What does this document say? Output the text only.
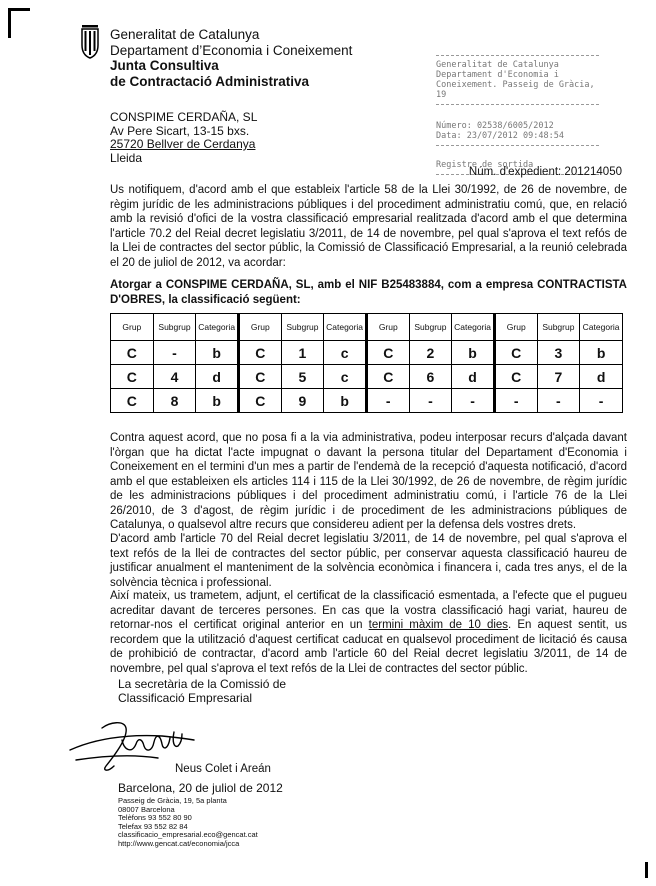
Generalitat de Catalunya
Departament d’Economia i Coneixement
Junta Consultiva
de Contractació Administrativa
Generalitat de Catalunya
Departament d'Economia i
Coneixement. Passeig de Gràcia, 19
Número: 02538/6005/2012
Data: 23/07/2012 09:48:54
Registre de sortida
CONSPIME CERDAÑA, SL
Av Pere Sicart, 13-15 bxs.
25720 Bellver de Cerdanya
Lleida
Núm. d'expedient: 201214050

Us notifiquem, d'acord amb el que estableix l'article 58 de la Llei 30/1992, de 26 de novembre, de règim jurídic de les administracions públiques i del procediment administratiu comú, que, en relació amb la revisió d'ofici de la vostra classificació empresarial realitzada d'acord amb el que determina l'article 70.2 del Reial decret legislatiu 3/2011, de 14 de novembre, pel qual s'aprova el text refós de la Llei de contractes del sector públic, la Comissió de Classificació Empresarial, a la reunió celebrada el 20 de juliol de 2012, va acordar:

Atorgar a CONSPIME CERDAÑA, SL, amb el NIF B25483884, com a empresa CONTRACTISTA D'OBRES, la classificació següent:

Grup	Subgrup	Categoria	Grup	Subgrup	Categoria	Grup	Subgrup	Categoria	Grup	Subgrup	Categoria
C	-	b	C	1	c	C	2	b	C	3	b
C	4	d	C	5	c	C	6	d	C	7	d
C	8	b	C	9	b	-	-	-	-	-	-

Contra aquest acord, que no posa fi a la via administrativa, podeu interposar recurs d'alçada davant l'òrgan que ha dictat l'acte impugnat o davant la persona titular del Departament d'Economia i Coneixement en el termini d'un mes a partir de l'endemà de la recepció d'aquesta notificació, d'acord amb el que estableixen els articles 114 i 115 de la Llei 30/1992, de 26 de novembre, de règim jurídic de les administracions públiques i del procediment administratiu comú, i l'article 76 de la Llei 26/2010, de 3 d'agost, de règim jurídic i de procediment de les administracions públiques de Catalunya, o qualsevol altre recurs que considereu adient per la defensa dels vostres drets.

D'acord amb l'article 70 del Reial decret legislatiu 3/2011, de 14 de novembre, pel qual s'aprova el text refós de la llei de contractes del sector públic, per conservar aquesta classificació haureu de justificar anualment el manteniment de la solvència econòmica i financera i, cada tres anys, el de la solvència tècnica i professional.

Així mateix, us trametem, adjunt, el certificat de la classificació esmentada, a l'efecte que el pugueu acreditar davant de terceres persones. En cas que la vostra classificació hagi variat, haureu de retornar-nos el certificat original anterior en un termini màxim de 10 dies. En aquest sentit, us recordem que la utilització d'aquest certificat caducat en qualsevol procediment de licitació és causa de prohibició de contractar, d'acord amb l'article 60 del Reial decret legislatiu 3/2011, de 14 de novembre, pel qual s'aprova el text refós de la Llei de contractes del sector públic.

La secretària de la Comissió de
Classificació Empresarial
Neus Colet i Areán
Barcelona, 20 de juliol de 2012
Passeig de Gràcia, 19, 5a planta
08007 Barcelona
Telèfons 93 552 80 90
Telefax 93 552 82 84
classificacio_empresarial.eco@gencat.cat
http://www.gencat.cat/economia/jcca
